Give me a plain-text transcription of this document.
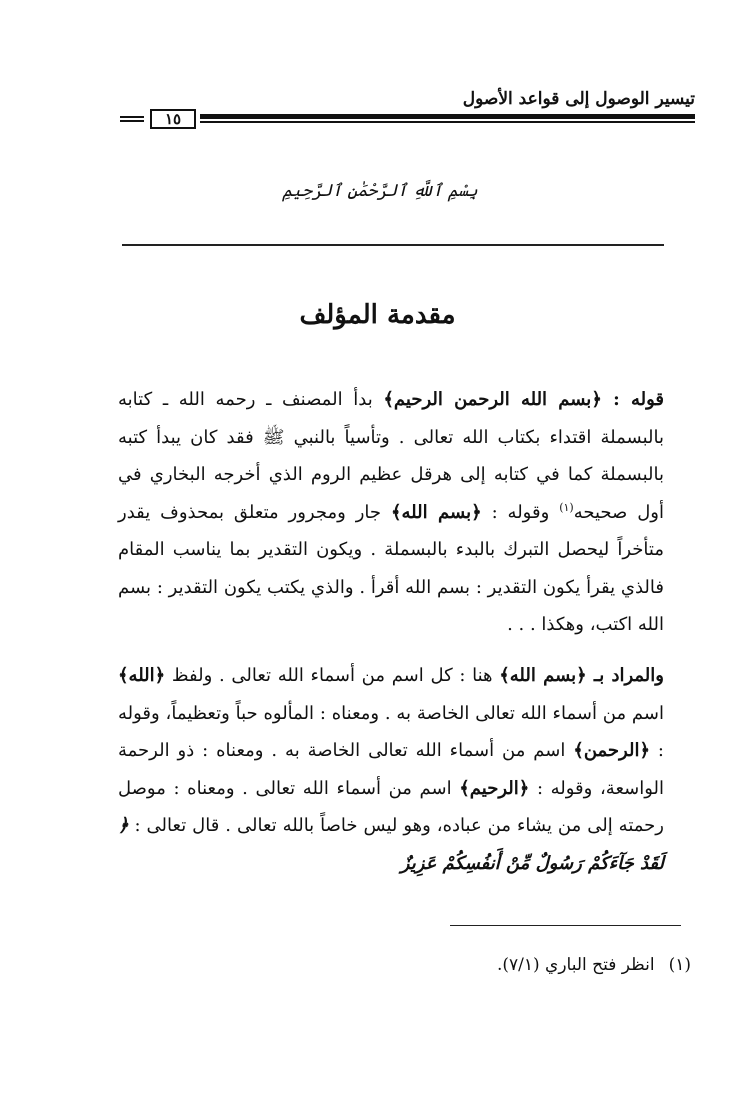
تيسير الوصول إلى قواعد الأصول
١٥
بِسْمِ ٱللَّهِ ٱلرَّحْمَٰنِ ٱلرَّحِيمِ
مقدمة المؤلف
قوله : ﴿بسم الله الرحمن الرحيم﴾ بدأ المصنف ـ رحمه الله ـ كتابه بالبسملة اقتداء بكتاب الله تعالى . وتأسياً بالنبي ﷺ فقد كان يبدأ كتبه بالبسملة كما في كتابه إلى هرقل عظيم الروم الذي أخرجه البخاري في أول صحيحه$^{(١)}$ وقوله : ﴿بسم الله﴾ جار ومجرور متعلق بمحذوف يقدر متأخراً ليحصل التبرك بالبدء بالبسملة . ويكون التقدير بما يناسب المقام فالذي يقرأ يكون التقدير : بسم الله أقرأ . والذي يكتب يكون التقدير : بسم الله اكتب، وهكذا . . .
والمراد بـ ﴿بسم الله﴾ هنا : كل اسم من أسماء الله تعالى . ولفظ ﴿الله﴾ اسم من أسماء الله تعالى الخاصة به . ومعناه : المألوه حباً وتعظيماً، وقوله : ﴿الرحمن﴾ اسم من أسماء الله تعالى الخاصة به . ومعناه : ذو الرحمة الواسعة، وقوله : ﴿الرحيم﴾ اسم من أسماء الله تعالى . ومعناه : موصل رحمته إلى من يشاء من عباده، وهو ليس خاصاً بالله تعالى . قال تعالى : ﴿ لَقَدْ جَآءَكُمْ رَسُولٌ مِّنْ أَنفُسِكُمْ عَزِيزٌ
(١)انظر فتح الباري (٧/١).
